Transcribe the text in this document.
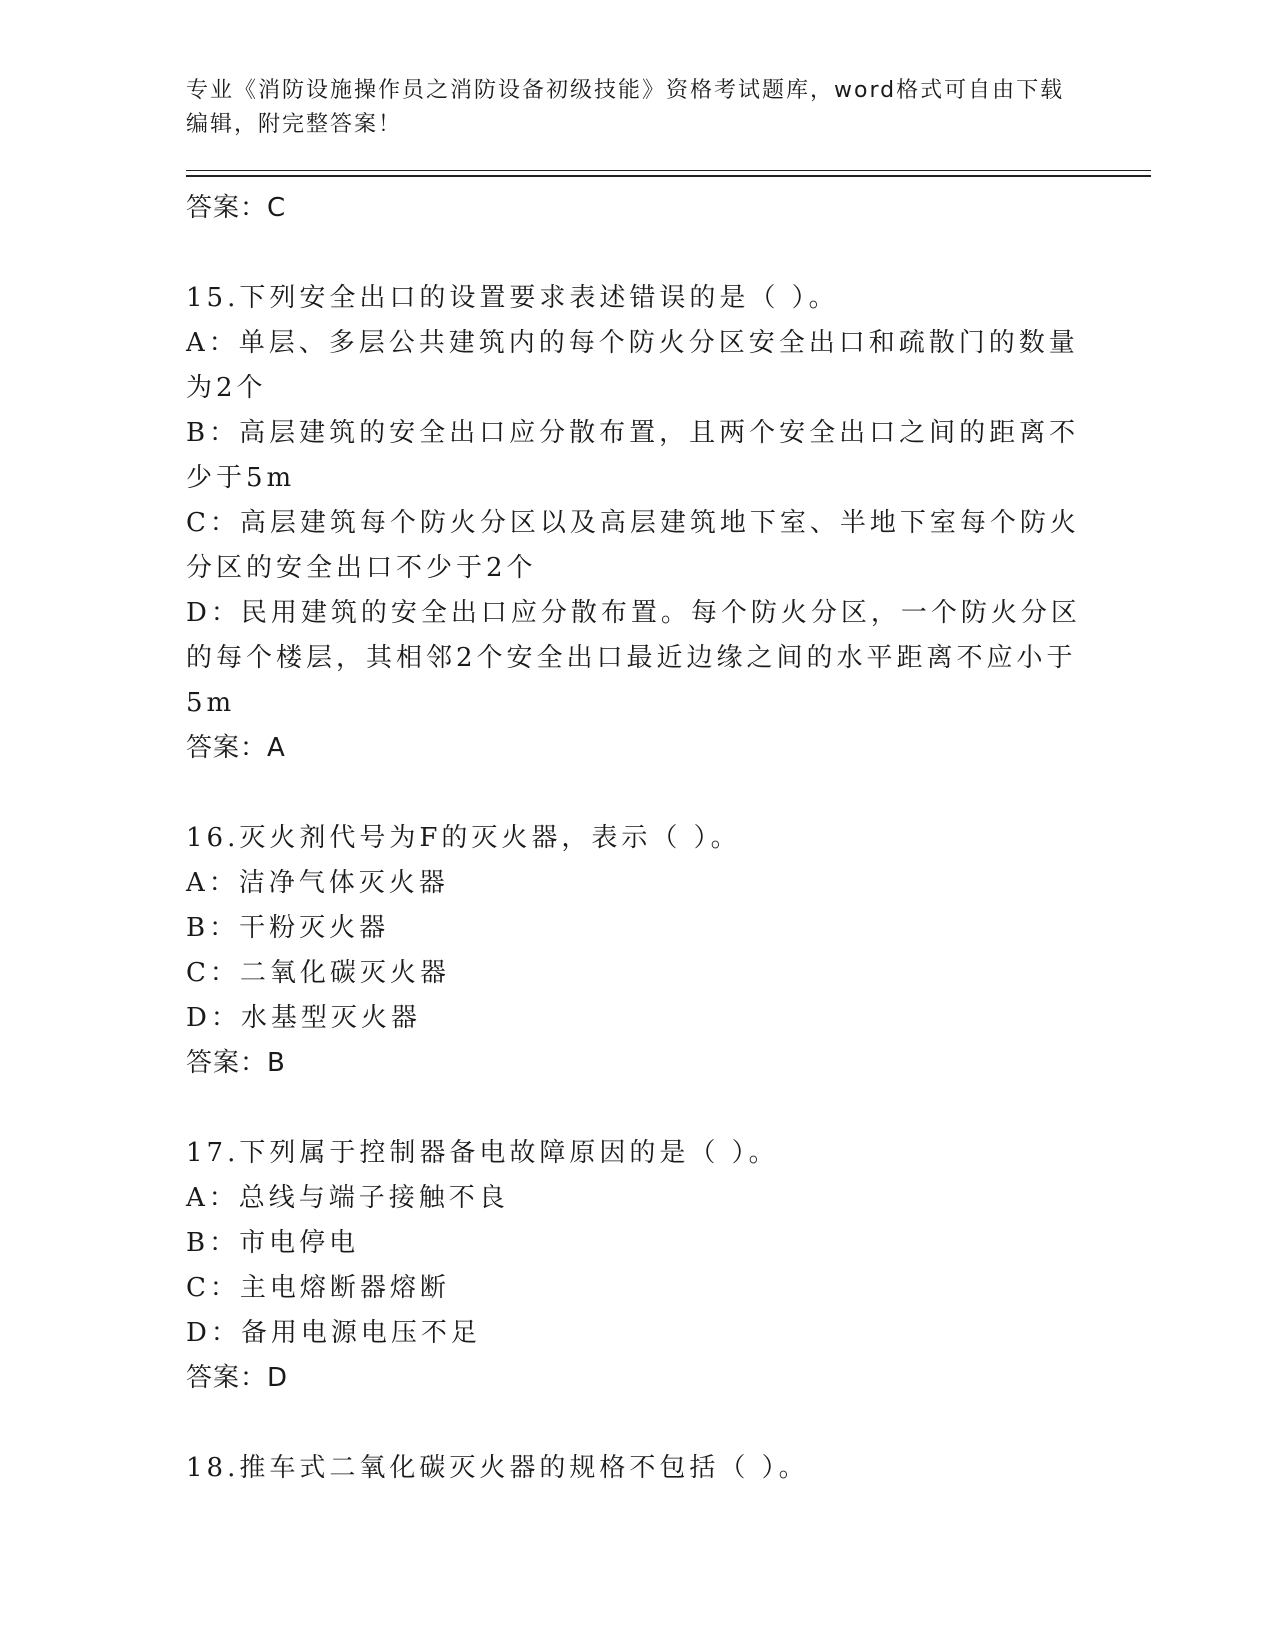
专业《消防设施操作员之消防设备初级技能》资格考试题库，word格式可自由下载编辑，附完整答案！
答案：C
15.下列安全出口的设置要求表述错误的是（ ）。
A：单层、多层公共建筑内的每个防火分区安全出口和疏散门的数量为2个
B：高层建筑的安全出口应分散布置，且两个安全出口之间的距离不少于5m
C：高层建筑每个防火分区以及高层建筑地下室、半地下室每个防火分区的安全出口不少于2个
D：民用建筑的安全出口应分散布置。每个防火分区，一个防火分区的每个楼层，其相邻2个安全出口最近边缘之间的水平距离不应小于5m
答案：A
16.灭火剂代号为F的灭火器，表示（ ）。
A：洁净气体灭火器
B：干粉灭火器
C：二氧化碳灭火器
D：水基型灭火器
答案：B
17.下列属于控制器备电故障原因的是（ ）。
A：总线与端子接触不良
B：市电停电
C：主电熔断器熔断
D：备用电源电压不足
答案：D
18.推车式二氧化碳灭火器的规格不包括（ ）。
